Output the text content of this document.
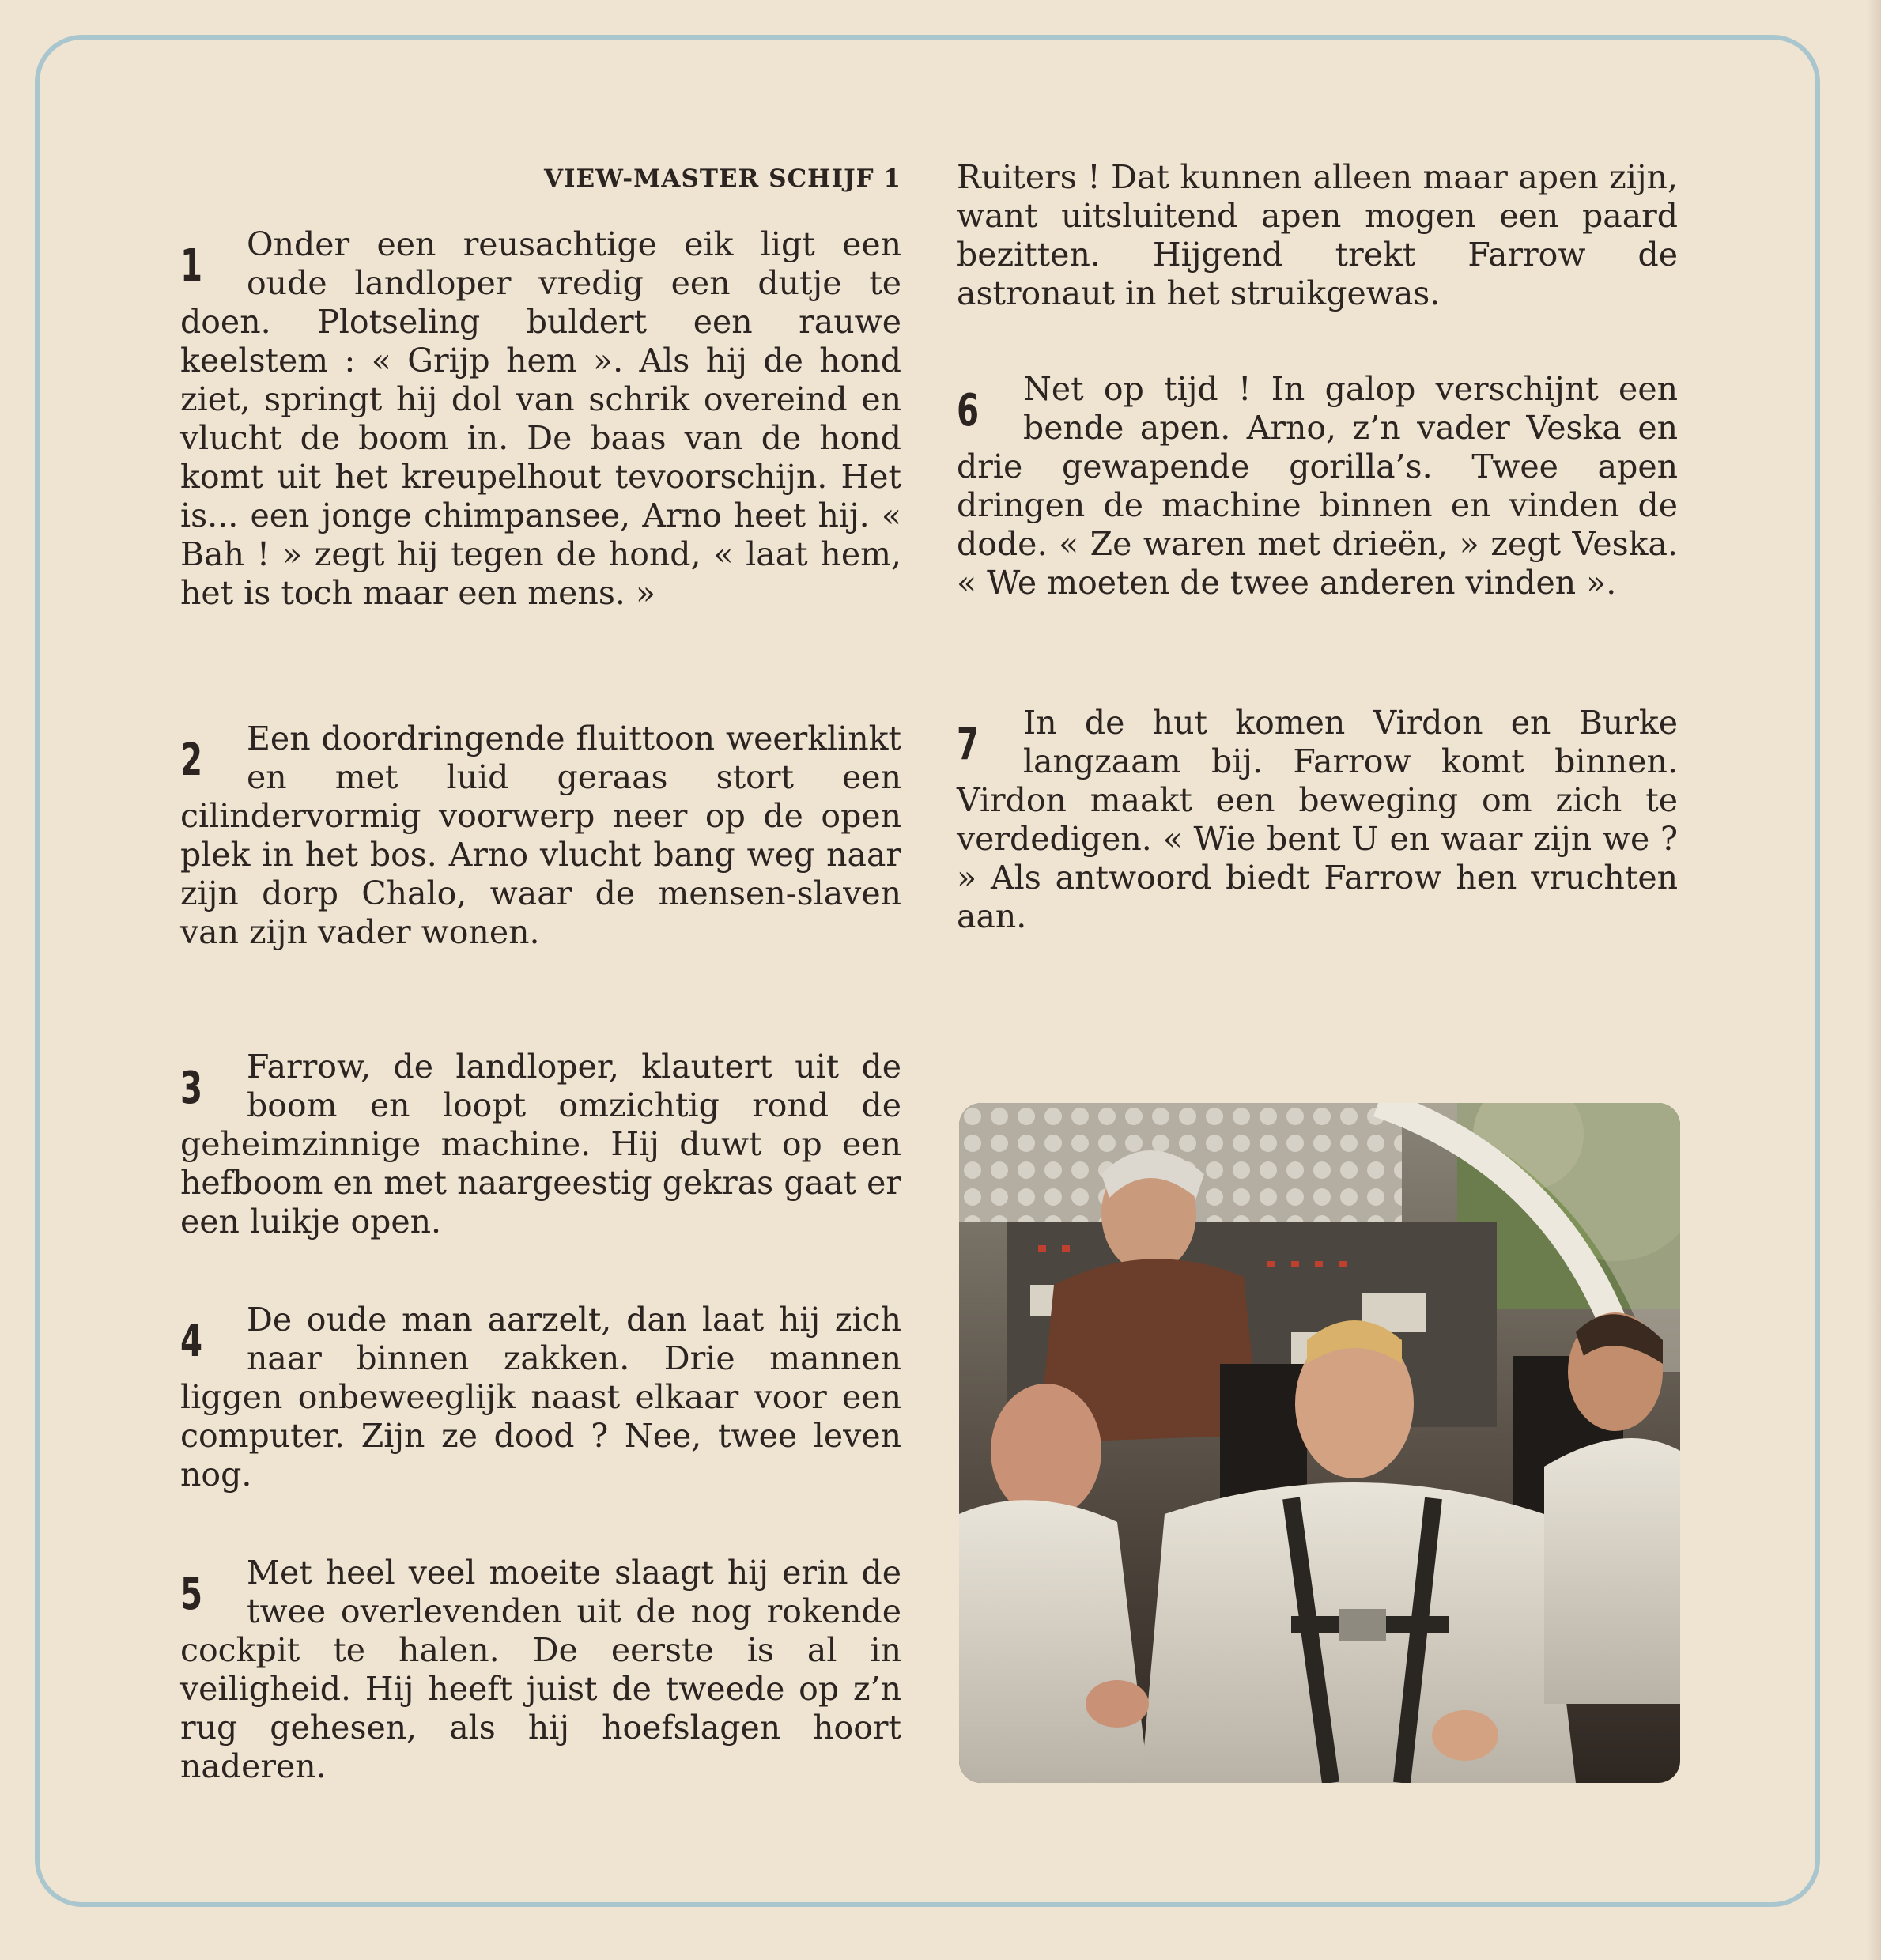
VIEW-MASTER SCHIJF 1
1	Onder een reusachtige eik ligt een oude landloper vredig een dutje te doen. Plotseling buldert een rauwe keelstem : « Grijp hem ». Als hij de hond ziet, springt hij dol van schrik overeind en vlucht de boom in. De baas van de hond komt uit het kreupelhout tevoorschijn. Het is... een jonge chimpansee, Arno heet hij. « Bah ! » zegt hij tegen de hond, « laat hem, het is toch maar een mens. »
2	Een doordringende fluittoon weerklinkt en met luid geraas stort een cilindervormig voorwerp neer op de open plek in het bos. Arno vlucht bang weg naar zijn dorp Chalo, waar de mensen-slaven van zijn vader wonen.
3	Farrow, de landloper, klautert uit de boom en loopt omzichtig rond de geheimzinnige machine. Hij duwt op een hefboom en met naargeestig gekras gaat er een luikje open.
4	De oude man aarzelt, dan laat hij zich naar binnen zakken. Drie mannen liggen onbeweeglijk naast elkaar voor een computer. Zijn ze dood ? Nee, twee leven nog.
5	Met heel veel moeite slaagt hij erin de twee overlevenden uit de nog rokende cockpit te halen. De eerste is al in veiligheid. Hij heeft juist de tweede op z’n rug gehesen, als hij hoefslagen hoort naderen.
Ruiters ! Dat kunnen alleen maar apen zijn, want uitsluitend apen mogen een paard bezitten. Hijgend trekt Farrow de astronaut in het struikgewas.
6	Net op tijd ! In galop verschijnt een bende apen. Arno, z’n vader Veska en drie gewapende gorilla’s. Twee apen dringen de machine binnen en vinden de dode. « Ze waren met drieën, » zegt Veska. « We moeten de twee anderen vinden ».
7	In de hut komen Virdon en Burke langzaam bij. Farrow komt binnen. Virdon maakt een beweging om zich te verdedigen. « Wie bent U en waar zijn we ? » Als antwoord biedt Farrow hen vruchten aan.
